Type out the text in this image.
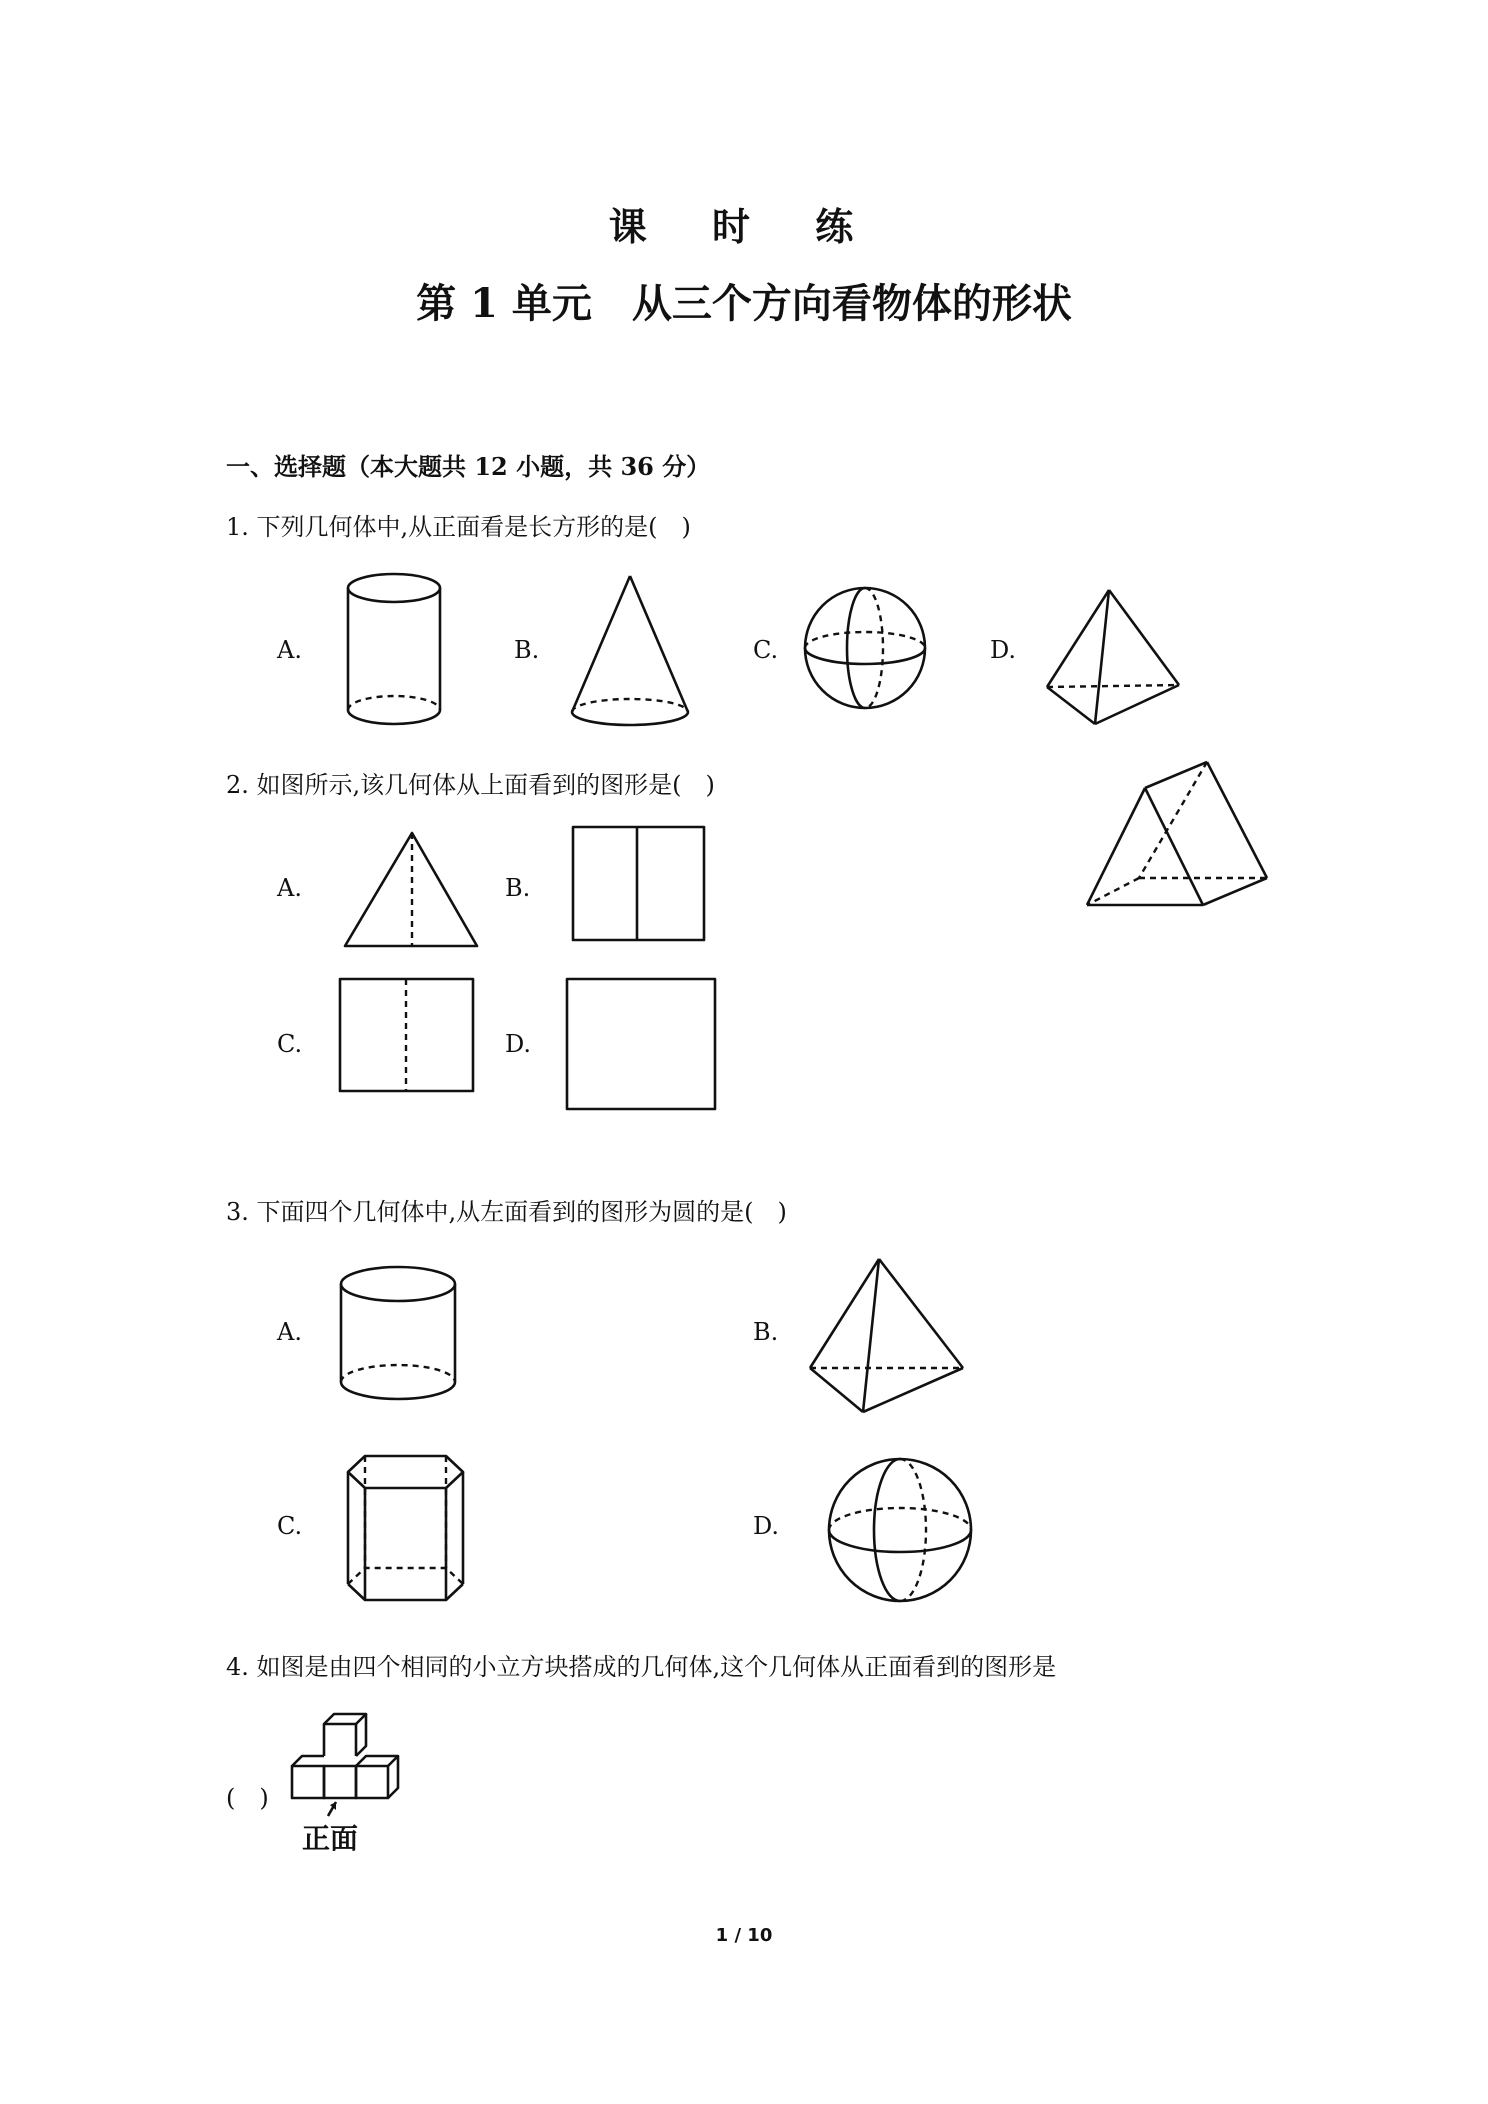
课 时 练
第 1 单元　从三个方向看物体的形状
一、选择题（本大题共 12 小题，共 36 分）
1. 下列几何体中,从正面看是长方形的是(　)
A.	B.	C.	D.
2. 如图所示,该几何体从上面看到的图形是(　)
A.	B.
C.	D.
3. 下面四个几何体中,从左面看到的图形为圆的是(　)
A.	B.
C.	D.
4. 如图是由四个相同的小立方块搭成的几何体,这个几何体从正面看到的图形是
(　)
正面
1 / 10
